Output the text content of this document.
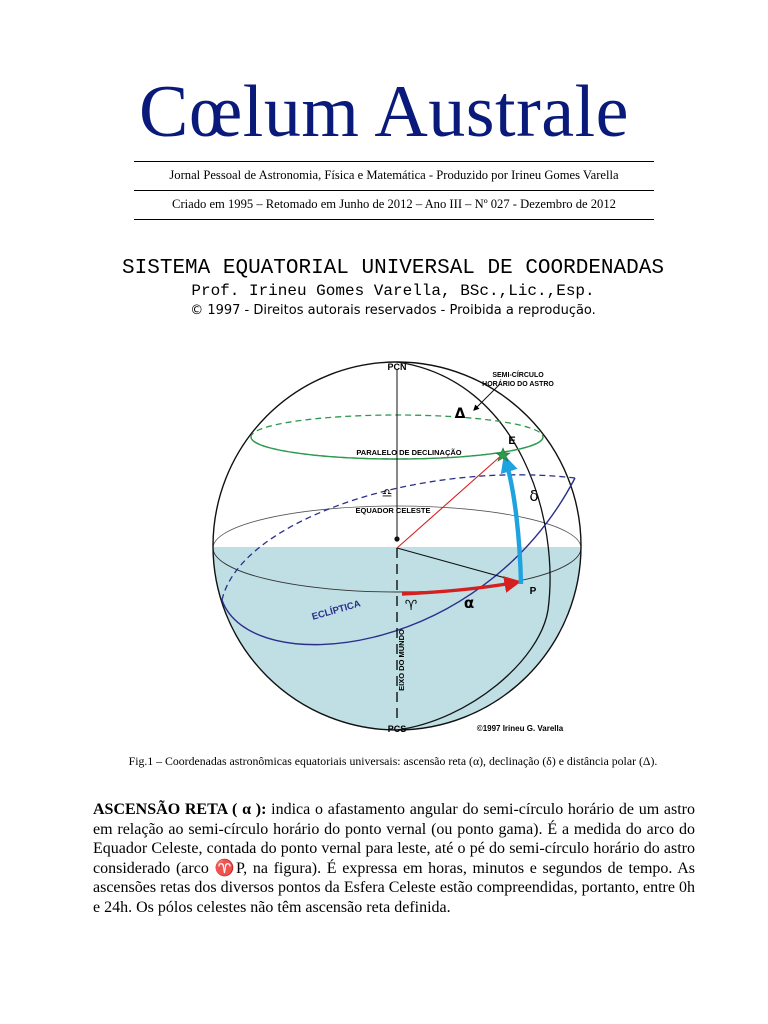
Cœlum Australe
Jornal Pessoal de Astronomia, Física e Matemática - Produzido por Irineu Gomes Varella
Criado em 1995 – Retomado em Junho de 2012 – Ano III – Nº 027 - Dezembro de 2012
SISTEMA EQUATORIAL UNIVERSAL DE COORDENADAS
Prof. Irineu Gomes Varella, BSc.,Lic.,Esp.
© 1997 - Direitos autorais reservados - Proibida a reprodução.
PCN
PCS
SEMI-CÍRCULO
HORÁRIO DO ASTRO
Δ
E
PARALELO DE DECLINAÇÃO
♎	δ
EQUADOR CELESTE
ECLÍPTICA	♈	α
P
EIXO DO MUNDO
©1997 Irineu G. Varella
Fig.1 – Coordenadas astronômicas equatoriais universais: ascensão reta (α), declinação (δ) e distância polar (Δ).
ASCENSÃO RETA ( α ): indica o afastamento angular do semi-círculo horário de um astro em relação ao semi-círculo horário do ponto vernal (ou ponto gama). É a medida do arco do Equador Celeste, contada do ponto vernal para leste, até o pé do semi-círculo horário do astro considerado (arco ♈P, na figura). É expressa em horas, minutos e segundos de tempo. As ascensões retas dos diversos pontos da Esfera Celeste estão compreendidas, portanto, entre 0h e 24h. Os pólos celestes não têm ascensão reta definida.
